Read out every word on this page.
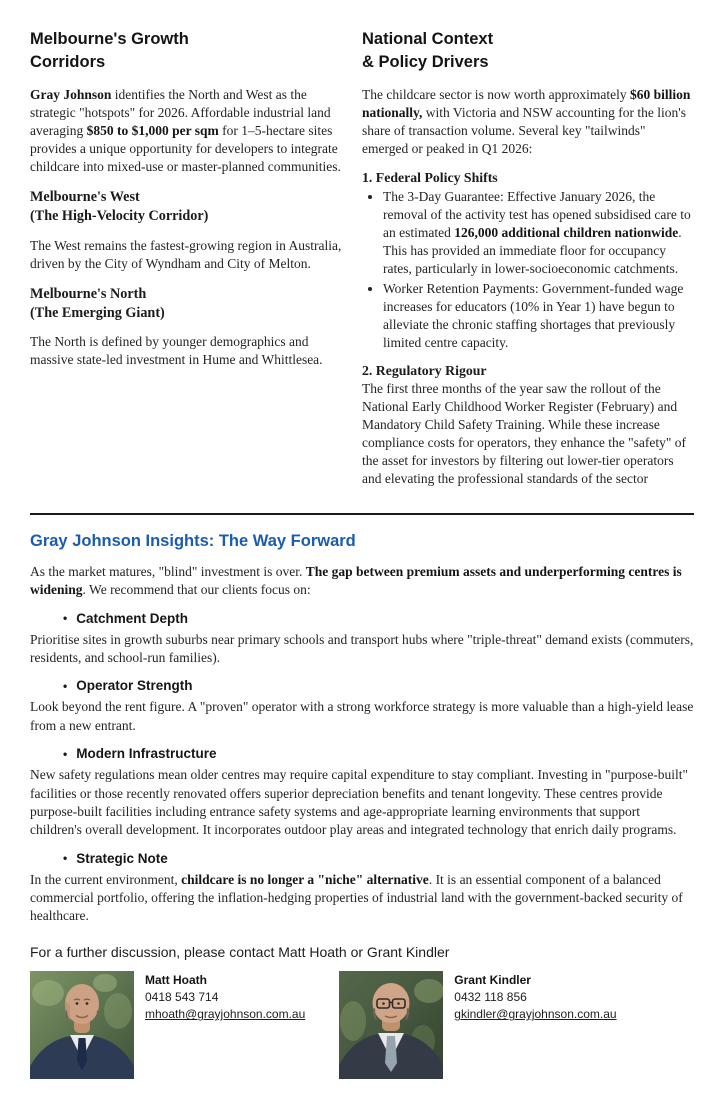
Melbourne's Growth
Corridors

Gray Johnson identifies the North and West as the strategic "hotspots" for 2026. Affordable industrial land averaging $850 to $1,000 per sqm for 1–5-hectare sites provides a unique opportunity for developers to integrate childcare into mixed-use or master-planned communities.

Melbourne's West
(The High-Velocity Corridor)

The West remains the fastest-growing region in Australia, driven by the City of Wyndham and City of Melton.

Melbourne's North
(The Emerging Giant)

The North is defined by younger demographics and massive state-led investment in Hume and Whittlesea.

National Context
& Policy Drivers

The childcare sector is now worth approximately $60 billion nationally, with Victoria and NSW accounting for the lion's share of transaction volume. Several key "tailwinds" emerged or peaked in Q1 2026:

1. Federal Policy Shifts
• The 3-Day Guarantee: Effective January 2026, the removal of the activity test has opened subsidised care to an estimated 126,000 additional children nationwide. This has provided an immediate floor for occupancy rates, particularly in lower-socioeconomic catchments.
• Worker Retention Payments: Government-funded wage increases for educators (10% in Year 1) have begun to alleviate the chronic staffing shortages that previously limited centre capacity.
2. Regulatory Rigour

The first three months of the year saw the rollout of the National Early Childhood Worker Register (February) and Mandatory Child Safety Training. While these increase compliance costs for operators, they enhance the "safety" of the asset for investors by filtering out lower-tier operators and elevating the professional standards of the sector

Gray Johnson Insights: The Way Forward

As the market matures, "blind" investment is over. The gap between premium assets and underperforming centres is widening. We recommend that our clients focus on:

• Catchment Depth

Prioritise sites in growth suburbs near primary schools and transport hubs where "triple-threat" demand exists (commuters, residents, and school-run families).

• Operator Strength

Look beyond the rent figure. A "proven" operator with a strong workforce strategy is more valuable than a high-yield lease from a new entrant.

• Modern Infrastructure

New safety regulations mean older centres may require capital expenditure to stay compliant. Investing in "purpose-built" facilities or those recently renovated offers superior depreciation benefits and tenant longevity. These centres provide purpose-built facilities including entrance safety systems and age-appropriate learning environments that support children's overall development. It incorporates outdoor play areas and integrated technology that enrich daily programs.

• Strategic Note

In the current environment, childcare is no longer a "niche" alternative. It is an essential component of a balanced commercial portfolio, offering the inflation-hedging properties of industrial land with the government-backed security of healthcare.

For a further discussion, please contact Matt Hoath or Grant Kindler

Matt Hoath
0418 543 714
mhoath@grayjohnson.com.au
Grant Kindler
0432 118 856
gkindler@grayjohnson.com.au
